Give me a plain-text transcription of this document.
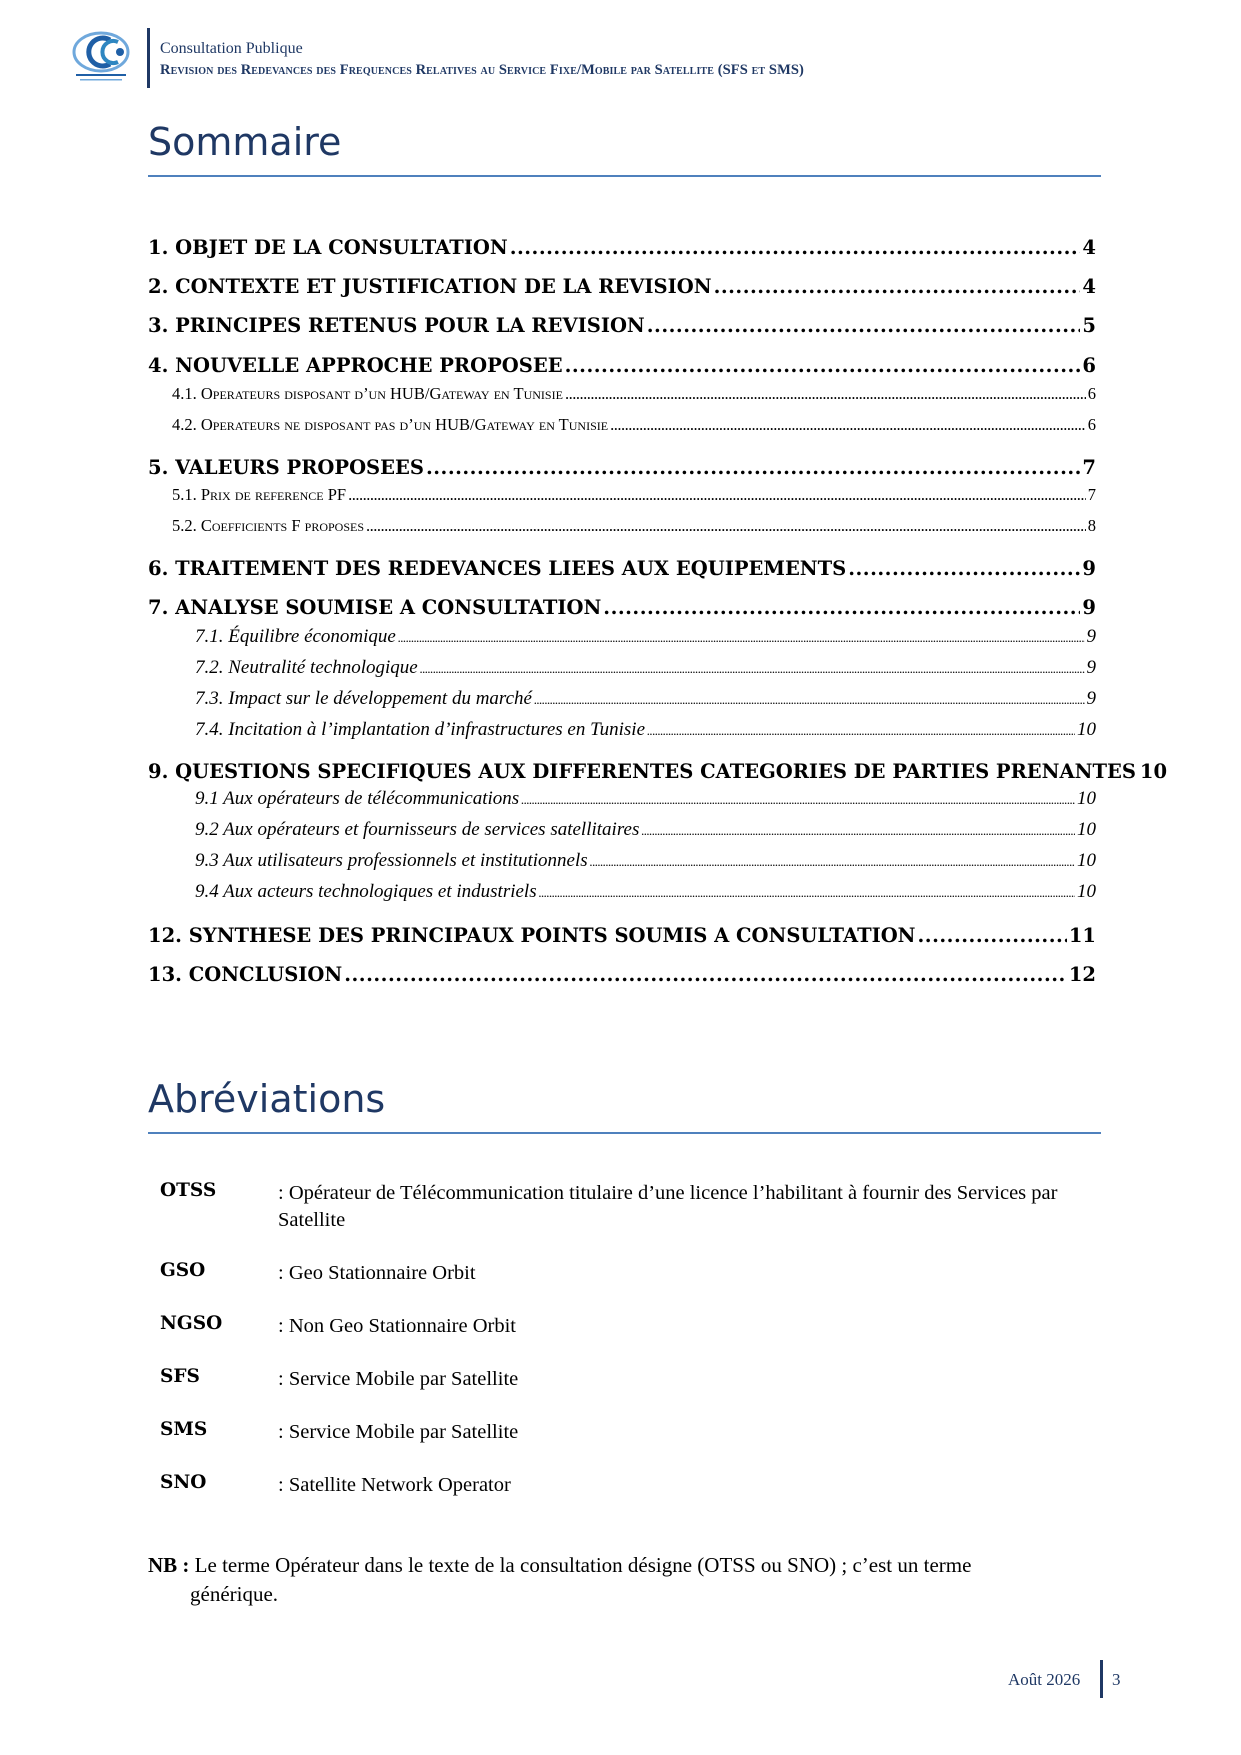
Consultation Publique
Revision des Redevances des Frequences Relatives au Service Fixe/Mobile par Satellite (SFS et SMS)
Sommaire
1. OBJET DE LA CONSULTATION .....	4
2. CONTEXTE ET JUSTIFICATION DE LA REVISION .....	4
3. PRINCIPES RETENUS POUR LA REVISION .....	5
4. NOUVELLE APPROCHE PROPOSEE .....	6
4.1. Operateurs disposant d’un HUB/Gateway en Tunisie .....	6
4.2. Operateurs ne disposant pas d’un HUB/Gateway en Tunisie .....	6
5. VALEURS PROPOSEES .....	7
5.1. Prix de reference PF .....	7
5.2. Coefficients F proposes .....	8
6. TRAITEMENT DES REDEVANCES LIEES AUX EQUIPEMENTS .....	9
7. ANALYSE SOUMISE A CONSULTATION .....	9
7.1. Équilibre économique .....	9
7.2. Neutralité technologique .....	9
7.3. Impact sur le développement du marché .....	9
7.4. Incitation à l’implantation d’infrastructures en Tunisie .....	10
9. QUESTIONS SPECIFIQUES AUX DIFFERENTES CATEGORIES DE PARTIES PRENANTES 10
9.1 Aux opérateurs de télécommunications .....	10
9.2 Aux opérateurs et fournisseurs de services satellitaires .....	10
9.3 Aux utilisateurs professionnels et institutionnels .....	10
9.4 Aux acteurs technologiques et industriels .....	10
12. SYNTHESE DES PRINCIPAUX POINTS SOUMIS A CONSULTATION .....	11
13. CONCLUSION .....	12
Abréviations
OTSS	: Opérateur de Télécommunication titulaire d’une licence l’habilitant à fournir des Services par Satellite
GSO	: Geo Stationnaire Orbit
NGSO	: Non Geo Stationnaire Orbit
SFS	: Service Mobile par Satellite
SMS	: Service Mobile par Satellite
SNO	: Satellite Network Operator
NB : Le terme Opérateur dans le texte de la consultation désigne (OTSS ou SNO) ; c’est un terme
générique.
Août 2026 3
